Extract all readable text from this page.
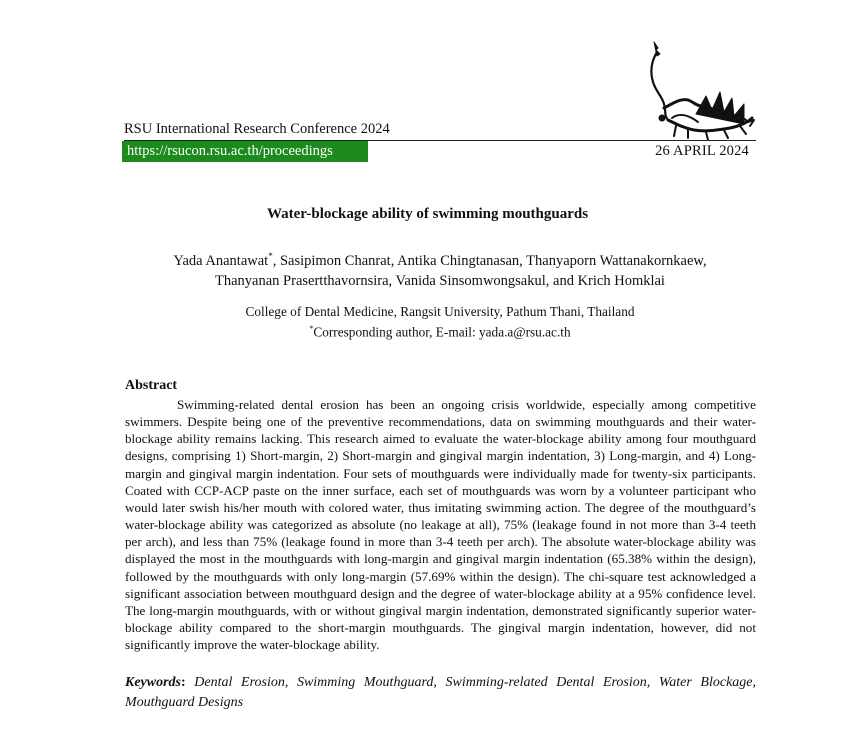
RSU International Research Conference 2024
https://rsucon.rsu.ac.th/proceedings	26 APRIL 2024
Water-blockage ability of swimming mouthguards
Yada Anantawat*, Sasipimon Chanrat, Antika Chingtanasan, Thanyaporn Wattanakornkaew,
Thanyanan Prasertthavornsira, Vanida Sinsomwongsakul, and Krich Homklai
College of Dental Medicine, Rangsit University, Pathum Thani, Thailand
*Corresponding author, E-mail: yada.a@rsu.ac.th
Abstract

Swimming-related dental erosion has been an ongoing crisis worldwide, especially among competitive swimmers. Despite being one of the preventive recommendations, data on swimming mouthguards and their water-blockage ability remains lacking. This research aimed to evaluate the water-blockage ability among four mouthguard designs, comprising 1) Short-margin, 2) Short-margin and gingival margin indentation, 3) Long-margin, and 4) Long-margin and gingival margin indentation. Four sets of mouthguards were individually made for twenty-six participants. Coated with CCP-ACP paste on the inner surface, each set of mouthguards was worn by a volunteer participant who would later swish his/her mouth with colored water, thus imitating swimming action. The degree of the mouthguard’s water-blockage ability was categorized as absolute (no leakage at all), 75% (leakage found in not more than 3-4 teeth per arch), and less than 75% (leakage found in more than 3-4 teeth per arch). The absolute water-blockage ability was displayed the most in the mouthguards with long-margin and gingival margin indentation (65.38% within the design), followed by the mouthguards with only long-margin (57.69% within the design). The chi-square test acknowledged a significant association between mouthguard design and the degree of water-blockage ability at a 95% confidence level. The long-margin mouthguards, with or without gingival margin indentation, demonstrated significantly superior water-blockage ability compared to the short-margin mouthguards. The gingival margin indentation, however, did not significantly improve the water-blockage ability.

Keywords: Dental Erosion, Swimming Mouthguard, Swimming-related Dental Erosion, Water Blockage, Mouthguard Designs
